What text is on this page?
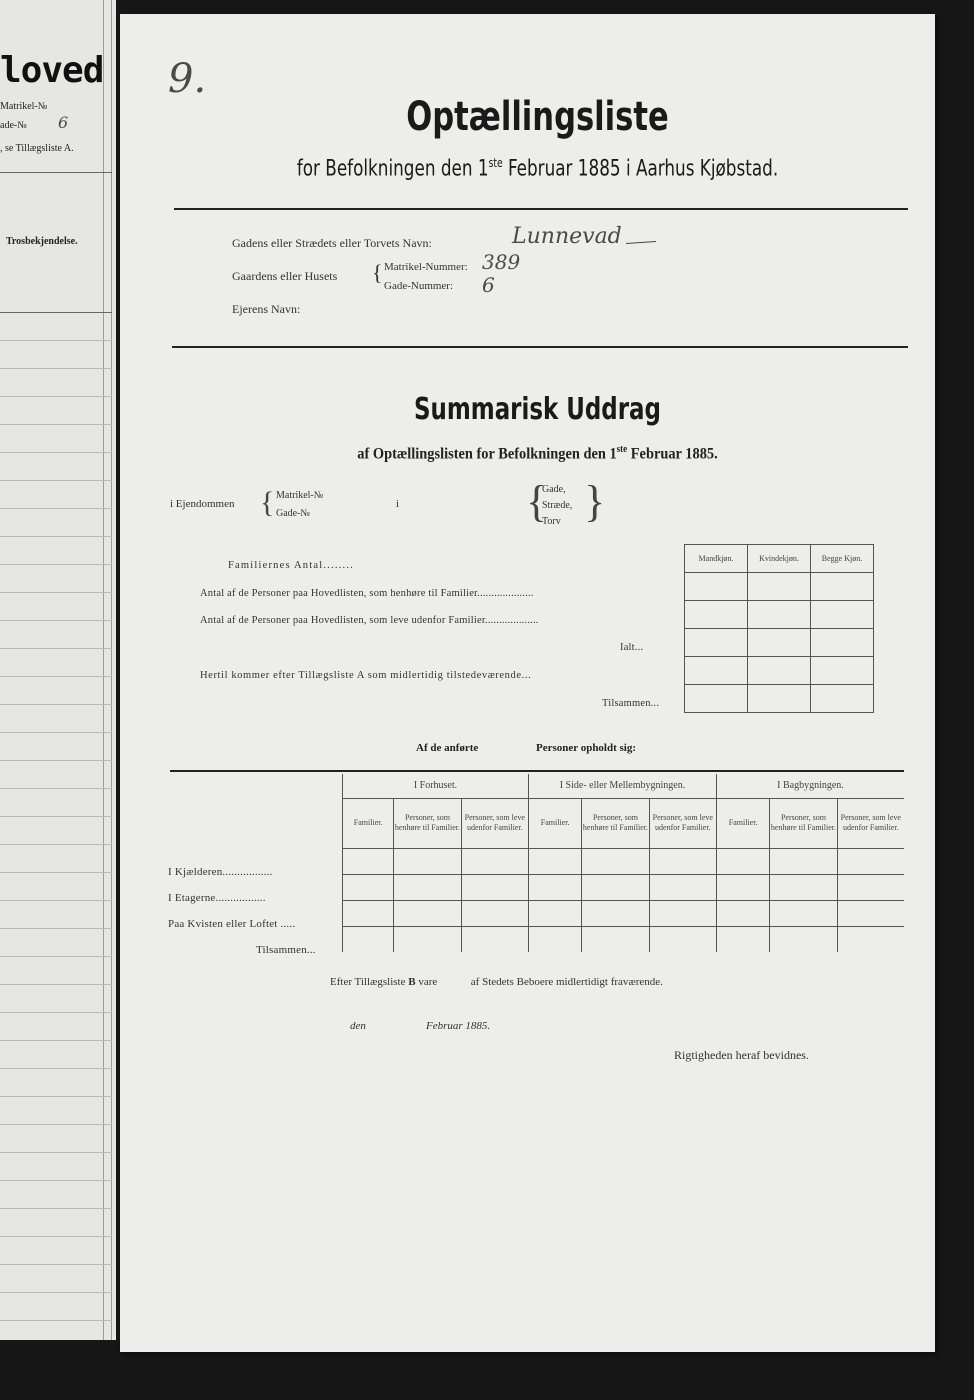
loved
Matrikel-№
ade-№ 6
, se Tillægsliste A.
Trosbekjendelse.
9.
Optællingsliste
for Befolkningen den 1ste Februar 1885 i Aarhus Kjøbstad.
Gadens eller Strædets eller Torvets Navn:	Lunnevad
Gaardens eller Husets { Matrikel-Nummer: 389
Gade-Nummer: 6
Ejerens Navn:
Summarisk Uddrag
af Optællingslisten for Befolkningen den 1ste Februar 1885.
i Ejendommen { Matrikel-№
Gade-№
i	{
Gade,
Stræde,
Torv }
Mandkjøn.	Kvindekjøn.	Begge Kjøn.

Familiernes Antal........
Antal af de Personer paa Hovedlisten, som henhøre til Familier....................
Antal af de Personer paa Hovedlisten, som leve udenfor Familier...................
Ialt...
Hertil kommer efter Tillægsliste A som midlertidig tilstedeværende...
Tilsammen...
Af de anførte	Personer opholdt sig:
I Forhuset.			I Side- eller Mellembygningen.			I Bagbygningen.		
Familier.	Personer, som henhøre til Familier.	Personer, som leve udenfor Familier.	Familier.	Personer, som henhøre til Familier.	Personer, som leve udenfor Familier.	Familier.	Personer, som henhøre til Familier.	Personer, som leve udenfor Familier.

I Kjælderen.................
I Etagerne.................
Paa Kvisten eller Loftet .....
Tilsammen...
Efter Tillægsliste B vare	af Stedets Beboere midlertidigt fraværende.
den	Februar 1885.
Rigtigheden heraf bevidnes.
